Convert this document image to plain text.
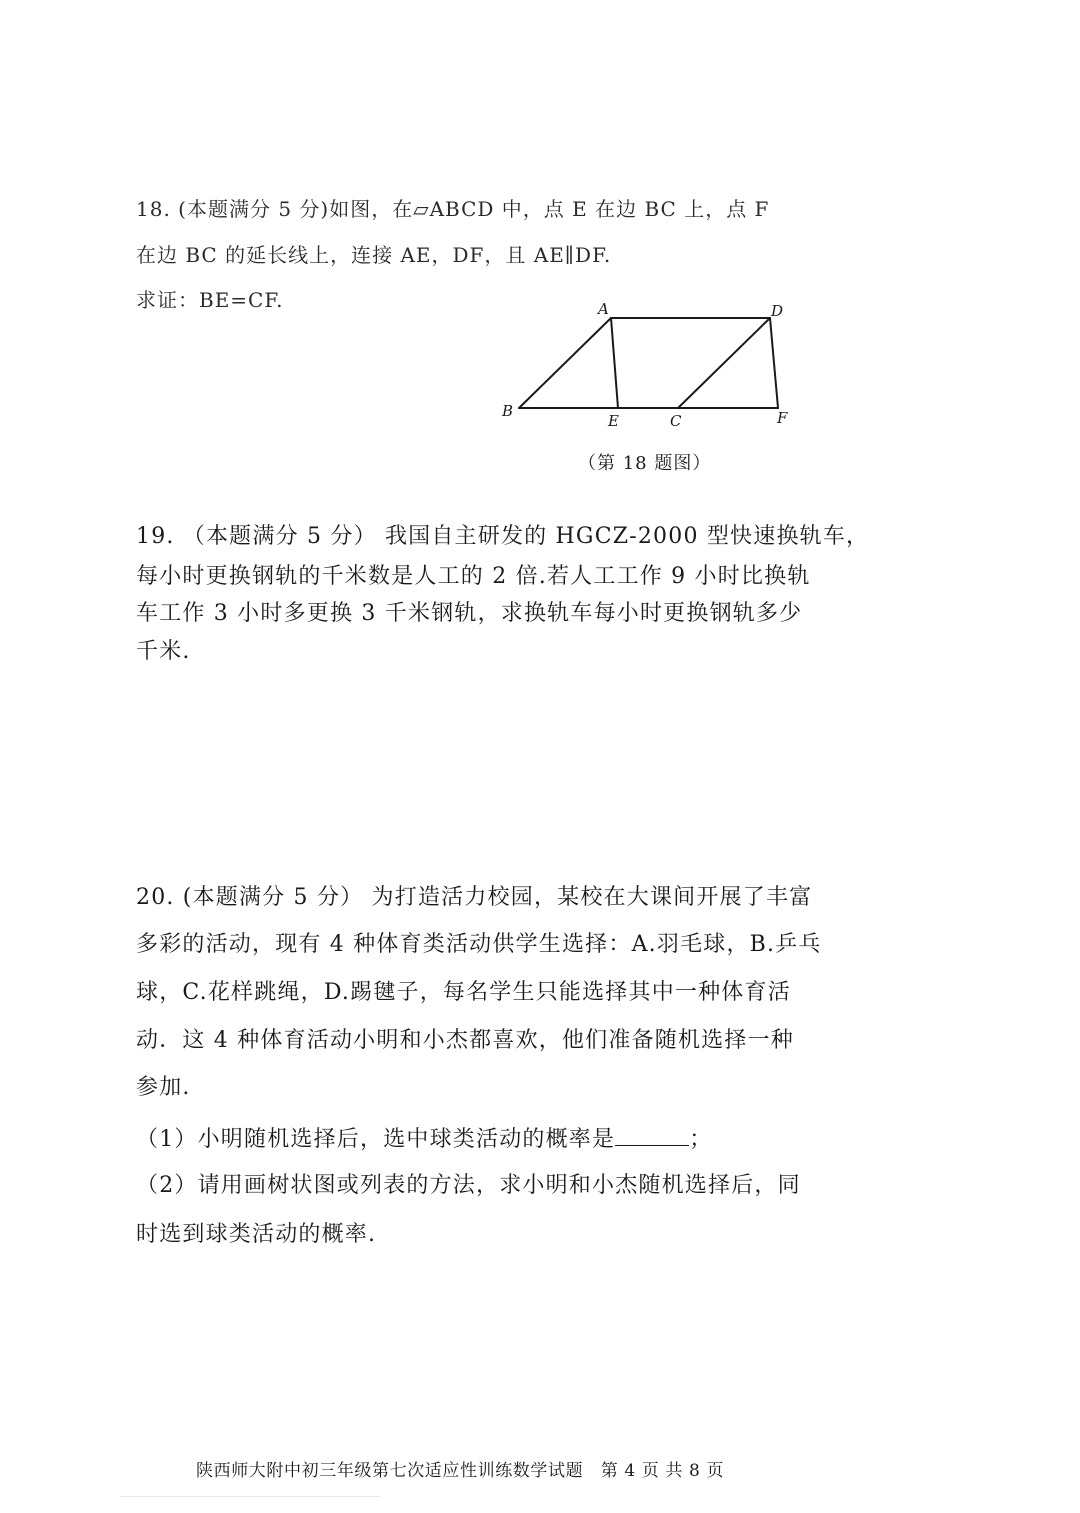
18. (本题满分 5 分)如图，在▱ABCD 中，点 E 在边 BC 上，点 F
在边 BC 的延长线上，连接 AE，DF，且 AE∥DF.
求证：BE=CF.	A	D
B
E	C	F
（第 18 题图）
19. （本题满分 5 分） 我国自主研发的 HGCZ-2000 型快速换轨车，
每小时更换钢轨的千米数是人工的 2 倍.若人工工作 9 小时比换轨
车工作 3 小时多更换 3 千米钢轨，求换轨车每小时更换钢轨多少
千米.
20. (本题满分 5 分） 为打造活力校园，某校在大课间开展了丰富
多彩的活动，现有 4 种体育类活动供学生选择：A.羽毛球，B.乒乓
球，C.花样跳绳，D.踢毽子，每名学生只能选择其中一种体育活
动．这 4 种体育活动小明和小杰都喜欢，他们准备随机选择一种
参加.
（1）小明随机选择后，选中球类活动的概率是	；
（2）请用画树状图或列表的方法，求小明和小杰随机选择后，同
时选到球类活动的概率.
陕西师大附中初三年级第七次适应性训练数学试题　第 4 页 共 8 页
